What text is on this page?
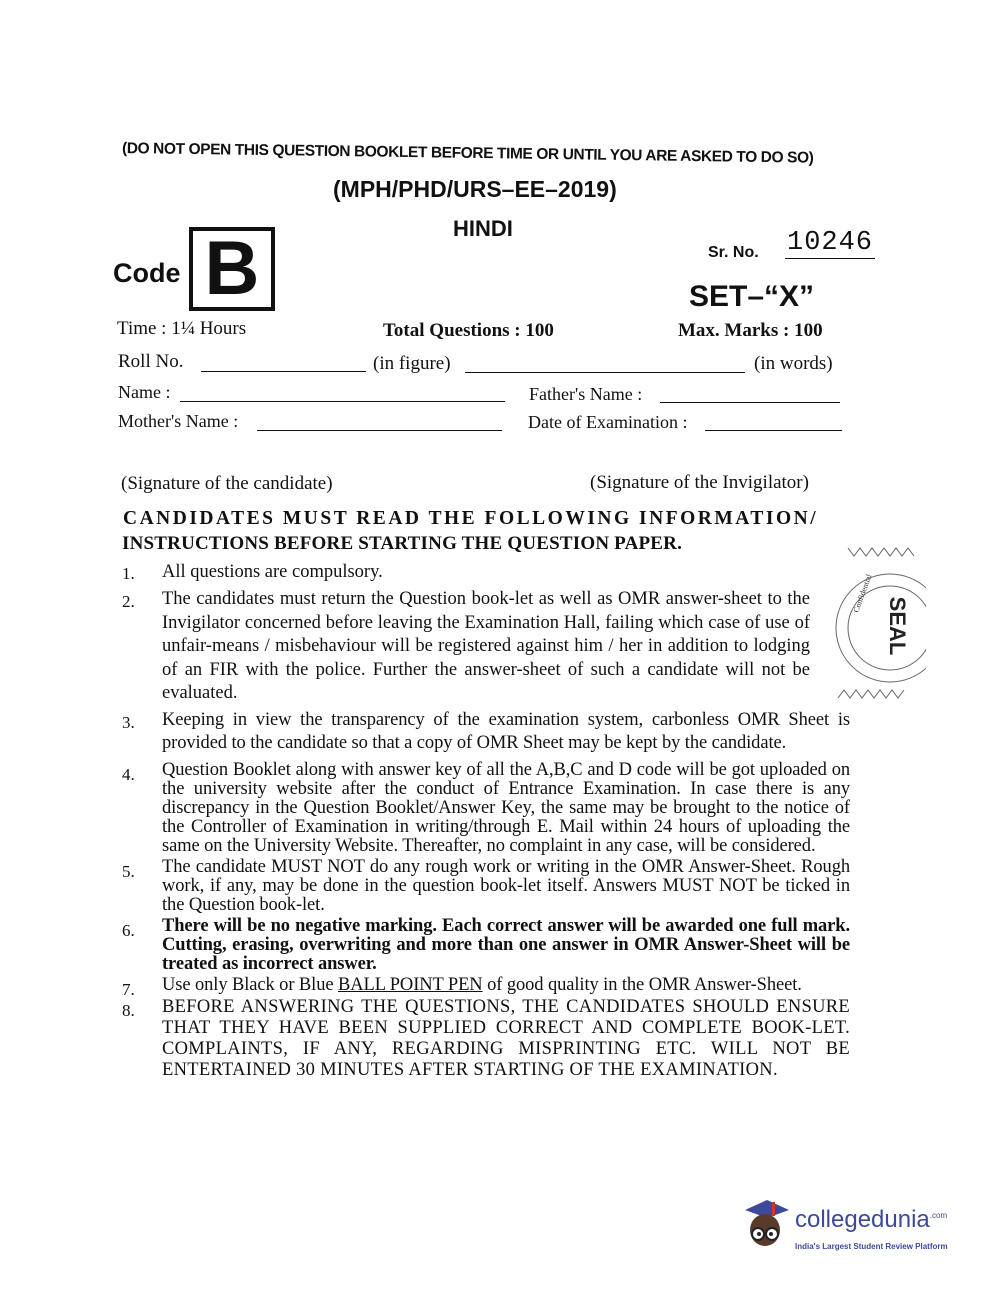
(DO NOT OPEN THIS QUESTION BOOKLET BEFORE TIME OR UNTIL YOU ARE ASKED TO DO SO)
(MPH/PHD/URS–EE–2019)
HINDI
Code B	Sr. No. 10246
SET–“X”
Time : 1¼ Hours	Total Questions : 100	Max. Marks : 100
Roll No.	(in figure)	(in words)
Name :	Father's Name :
Mother's Name :	Date of Examination :
(Signature of the candidate)	(Signature of the Invigilator)
CANDIDATES MUST READ THE FOLLOWING INFORMATION/
INSTRUCTIONS BEFORE STARTING THE QUESTION PAPER.
1. All questions are compulsory.
2. The candidates must return the Question book-let as well as OMR answer-sheet to the Invigilator concerned before leaving the Examination Hall, failing which case of use of unfair-means / misbehaviour will be registered against him / her in addition to lodging of an FIR with the police. Further the answer-sheet of such a candidate will not be evaluated.
3. Keeping in view the transparency of the examination system, carbonless OMR Sheet is provided to the candidate so that a copy of OMR Sheet may be kept by the candidate.
4. Question Booklet along with answer key of all the A,B,C and D code will be got uploaded on the university website after the conduct of Entrance Examination. In case there is any discrepancy in the Question Booklet/Answer Key, the same may be brought to the notice of the Controller of Examination in writing/through E. Mail within 24 hours of uploading the same on the University Website. Thereafter, no complaint in any case, will be considered.
5. The candidate MUST NOT do any rough work or writing in the OMR Answer-Sheet. Rough work, if any, may be done in the question book-let itself. Answers MUST NOT be ticked in the Question book-let.
6. There will be no negative marking. Each correct answer will be awarded one full mark. Cutting, erasing, overwriting and more than one answer in OMR Answer-Sheet will be treated as incorrect answer.
7. Use only Black or Blue BALL POINT PEN of good quality in the OMR Answer-Sheet.
8. BEFORE ANSWERING THE QUESTIONS, THE CANDIDATES SHOULD ENSURE THAT THEY HAVE BEEN SUPPLIED CORRECT AND COMPLETE BOOK-LET. COMPLAINTS, IF ANY, REGARDING MISPRINTING ETC. WILL NOT BE ENTERTAINED 30 MINUTES AFTER STARTING OF THE EXAMINATION.
SEAL
Confidential
collegedunia$^{.com}$
India's Largest Student Review Platform
